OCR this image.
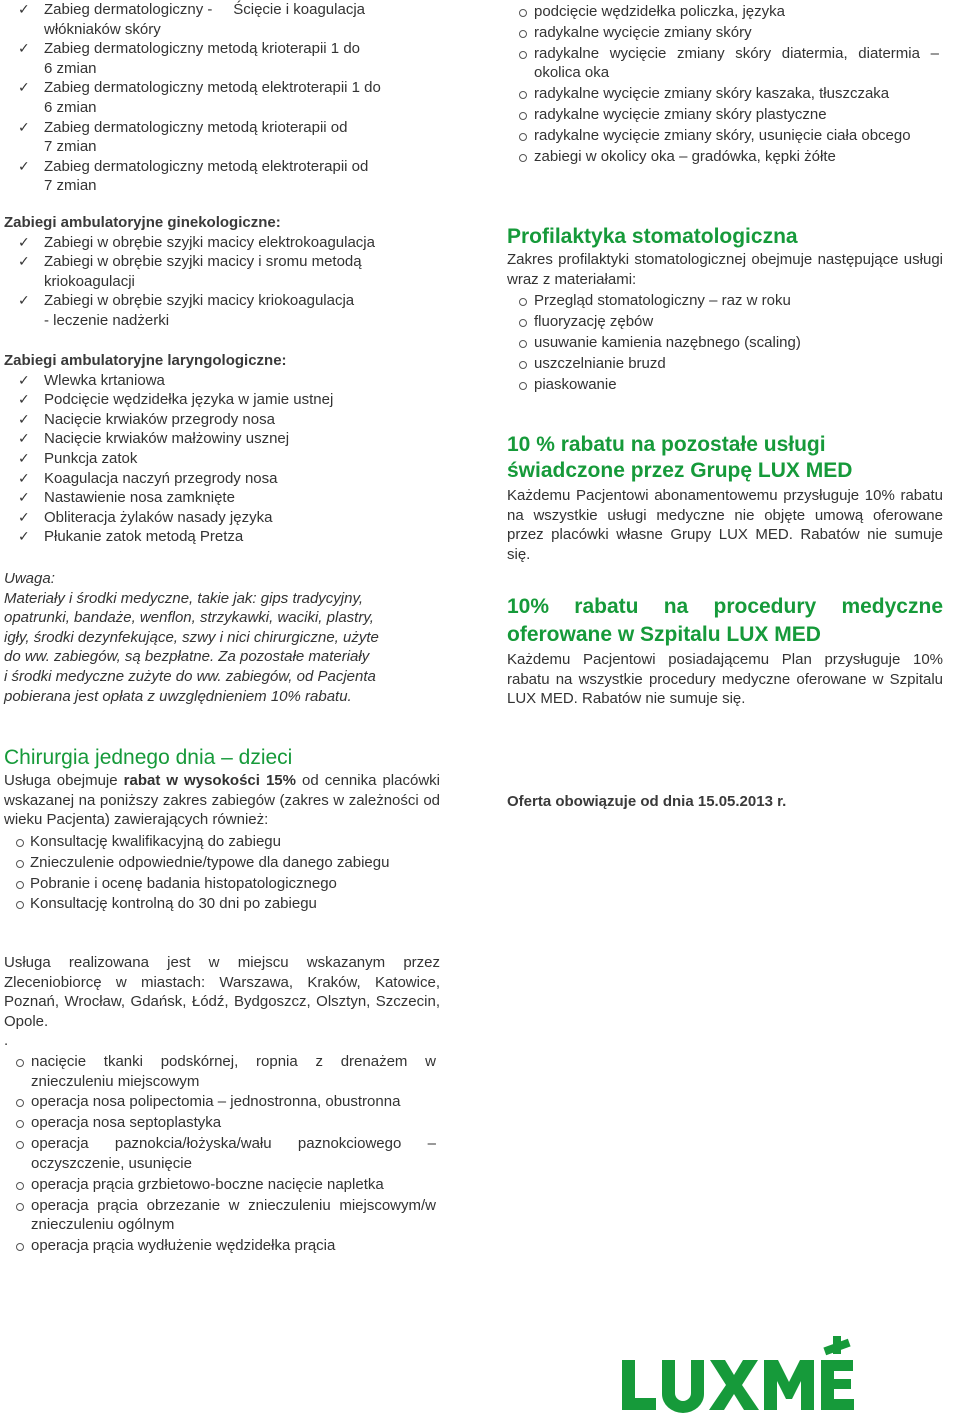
✓ Zabieg dermatologiczny -     Ścięcie i koagulacja
włókniaków skóry
✓ Zabieg dermatologiczny metodą krioterapii 1 do
6 zmian
✓ Zabieg dermatologiczny metodą elektroterapii 1 do
6 zmian
✓ Zabieg dermatologiczny metodą krioterapii od
7 zmian
✓ Zabieg dermatologiczny metodą elektroterapii od
7 zmian

Zabiegi ambulatoryjne ginekologiczne:

✓ Zabiegi w obrębie szyjki macicy elektrokoagulacja
✓ Zabiegi w obrębie szyjki macicy i sromu metodą
kriokoagulacji
✓ Zabiegi w obrębie szyjki macicy kriokoagulacja
- leczenie nadżerki

Zabiegi ambulatoryjne laryngologiczne:

✓ Wlewka krtaniowa
✓ Podcięcie wędzidełka języka w jamie ustnej
✓ Nacięcie krwiaków przegrody nosa
✓ Nacięcie krwiaków małżowiny usznej
✓ Punkcja zatok
✓ Koagulacja naczyń przegrody nosa
✓ Nastawienie nosa zamknięte
✓ Obliteracja żylaków nasady języka
✓ Płukanie zatok metodą Pretza

Uwaga:

Materiały i środki medyczne, takie jak: gips tradycyjny,

opatrunki, bandaże, wenflon, strzykawki, waciki, plastry,

igły, środki dezynfekujące, szwy i nici chirurgiczne, użyte

do ww. zabiegów, są bezpłatne. Za pozostałe materiały

i środki medyczne zużyte do ww. zabiegów, od Pacjenta

pobierana jest opłata z uwzględnieniem 10% rabatu.

Chirurgia jednego dnia – dzieci

Usługa obejmuje rabat w wysokości 15% od cennika placówki wskazanej na poniższy zakres zabiegów (zakres w zależności od wieku Pacjenta) zawierających również:

Konsultację kwalifikacyjną do zabiegu
Znieczulenie odpowiednie/typowe dla danego zabiegu
Pobranie i ocenę badania histopatologicznego
Konsultację kontrolną do 30 dni po zabiegu

Usługa realizowana jest w miejscu wskazanym przez Zleceniobiorcę w miastach: Warszawa, Kraków, Katowice, Poznań, Wrocław, Gdańsk, Łódź, Bydgoszcz, Olsztyn, Szczecin, Opole.

.

nacięcie tkanki podskórnej, ropnia z drenażem w znieczuleniu miejscowym
operacja nosa polipectomia – jednostronna, obustronna
operacja nosa septoplastyka
operacja paznokcia/łożyska/wału paznokciowego – oczyszczenie, usunięcie
operacja prącia grzbietowo-boczne nacięcie napletka
operacja prącia obrzezanie w znieczuleniu miejscowym/w znieczuleniu ogólnym
operacja prącia wydłużenie wędzidełka prącia
podcięcie wędzidełka policzka, języka
radykalne wycięcie zmiany skóry
radykalne wycięcie zmiany skóry diatermia, diatermia – okolica oka
radykalne wycięcie zmiany skóry kaszaka, tłuszczaka
radykalne wycięcie zmiany skóry plastyczne
radykalne wycięcie zmiany skóry, usunięcie ciała obcego
zabiegi w okolicy oka – gradówka, kępki żółte

Profilaktyka stomatologiczna

Zakres profilaktyki stomatologicznej obejmuje następujące usługi wraz z materiałami:

Przegląd stomatologiczny – raz w roku
fluoryzację zębów
usuwanie kamienia nazębnego (scaling)
uszczelnianie bruzd
piaskowanie

10 % rabatu na pozostałe usługi świadczone przez Grupę LUX MED

Każdemu Pacjentowi abonamentowemu przysługuje 10% rabatu na wszystkie usługi medyczne nie objęte umową oferowane przez placówki własne Grupy LUX MED. Rabatów nie sumuje się.

10% rabatu na procedury medyczne oferowane w Szpitalu LUX MED

Każdemu Pacjentowi posiadającemu Plan przysługuje 10% rabatu na wszystkie procedury medyczne oferowane w Szpitalu LUX MED. Rabatów nie sumuje się.

Oferta obowiązuje od dnia 15.05.2013 r.

LUXMED
